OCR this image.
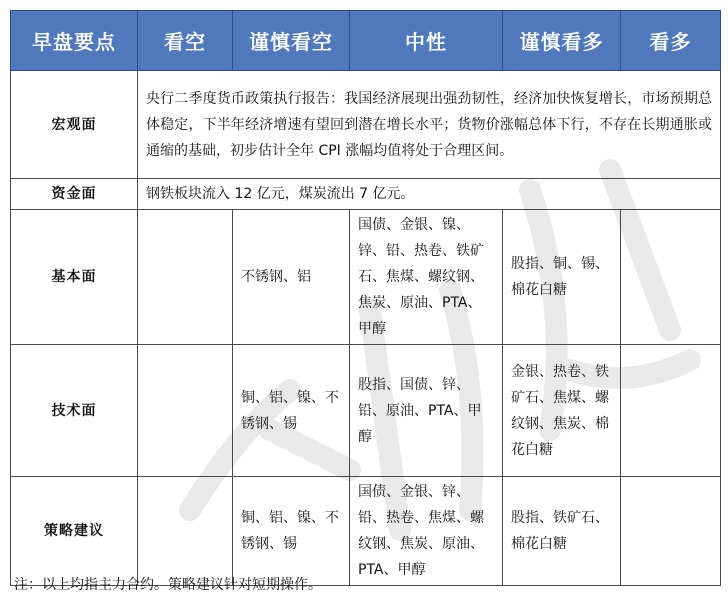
早盘要点	看空	谨慎看空	中性	谨慎看多	看多
宏观面	央行二季度货币政策执行报告：我国经济展现出强劲韧性，经济加快恢复增长，市场预期总体稳定，下半年经济增速有望回到潜在增长水平；货物价涨幅总体下行，不存在长期通胀或通缩的基础，初步估计全年 CPI 涨幅均值将处于合理区间。				
资金面	钢铁板块流入 12 亿元，煤炭流出 7 亿元。				
基本面		不锈钢、铝	国债、金银、镍、锌、铅、热卷、铁矿石、焦煤、螺纹钢、焦炭、原油、PTA、甲醇	股指、铜、锡、棉花白糖	
技术面		铜、铝、镍、不锈钢、锡	股指、国债、锌、铅、原油、PTA、甲醇	金银、热卷、铁矿石、焦煤、螺纹钢、焦炭、棉花白糖	
策略建议		铜、铝、镍、不锈钢、锡	国债、金银、锌、铅、热卷、焦煤、螺纹钢、焦炭、原油、PTA、甲醇	股指、铁矿石、棉花白糖	
注：以上均指主力合约。策略建议针对短期操作。
